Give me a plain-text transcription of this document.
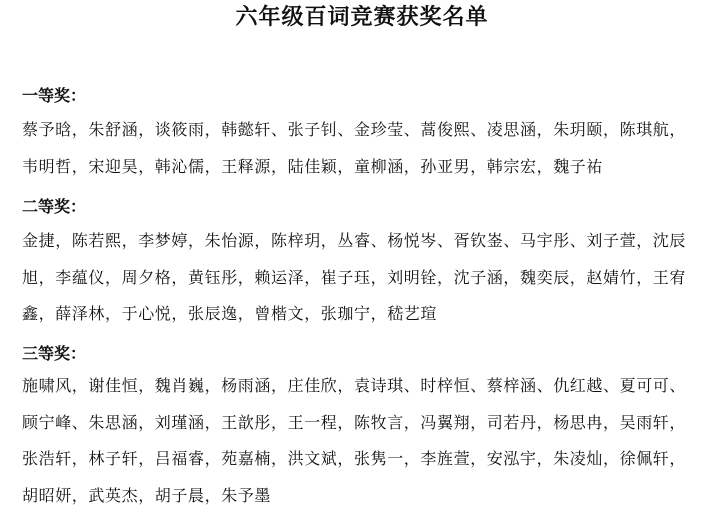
六年级百词竞赛获奖名单
一等奖：
蔡予晗，朱舒涵，谈筱雨，韩懿轩、张子钊、金珍莹、蒿俊熙、凌思涵，朱玥颐，陈琪航，
韦明哲，宋迎昊，韩沁儒，王释源，陆佳颖，童柳涵，孙亚男，韩宗宏，魏子祐
二等奖：
金捷，陈若熙，李梦婷，朱怡源，陈梓玥，丛睿、杨悦岑、胥钦崟、马宇彤、刘子萱，沈辰
旭，李蕴仪，周夕格，黄钰彤，赖运泽，崔子珏，刘明铨，沈子涵，魏奕辰，赵婧竹，王宥
鑫，薛泽林，于心悦，张辰逸，曾楷文，张珈宁，嵇艺瑄
三等奖：
施啸风，谢佳恒，魏肖巍，杨雨涵，庄佳欣，袁诗琪、时梓恒、蔡梓涵、仇红越、夏可可、
顾宁峰、朱思涵，刘瑾涵，王歆彤，王一程，陈牧言，冯翼翔，司若丹，杨思冉，吴雨轩，
张浩轩，林子轩，吕福睿，苑嘉楠，洪文斌，张隽一，李旌萱，安泓宇，朱凌灿，徐佩轩，
胡昭妍，武英杰，胡子晨，朱予墨
